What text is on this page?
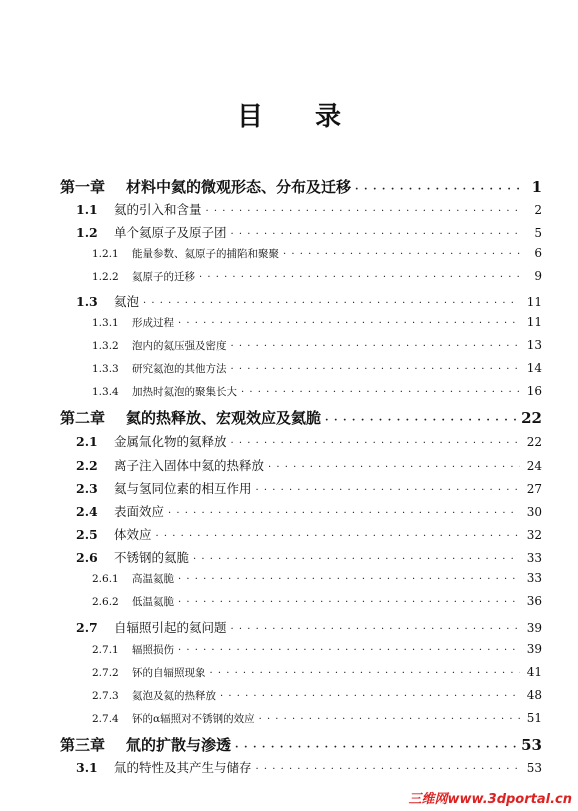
目 录
第一章	材料中氦的微观形态、分布及迁移 · · ·	1
1.1	氦的引入和含量 · · ·	2
1.2	单个氦原子及原子团 · · ·	5
1.2.1	能量参数、氦原子的捕陷和聚聚 · · ·	6
1.2.2	氦原子的迁移 · · ·	9
1.3	氦泡 · · ·	11
1.3.1	形成过程 · · ·	11
1.3.2	泡内的氦压强及密度 · · ·	13
1.3.3	研究氦泡的其他方法 · · ·	14
1.3.4	加热时氦泡的聚集长大 · · ·	16
第二章	氦的热释放、宏观效应及氦脆 · · ·	22
2.1	金属氚化物的氦释放 · · ·	22
2.2	离子注入固体中氦的热释放 · · ·	24
2.3	氦与氢同位素的相互作用 · · ·	27
2.4	表面效应 · · ·	30
2.5	体效应 · · ·	32
2.6	不锈钢的氦脆 · · ·	33
2.6.1	高温氦脆 · · ·	33
2.6.2	低温氦脆 · · ·	36
2.7	自辐照引起的氦问题 · · ·	39
2.7.1	辐照损伤 · · ·	39
2.7.2	钚的自辐照现象 · · ·	41
2.7.3	氦泡及氦的热释放 · · ·	48
2.7.4	钚的α辐照对不锈钢的效应 · · ·	51
第三章	氚的扩散与渗透 · · ·	53
3.1	氚的特性及其产生与储存 · · ·	53
三维网www.3dportal.cn
